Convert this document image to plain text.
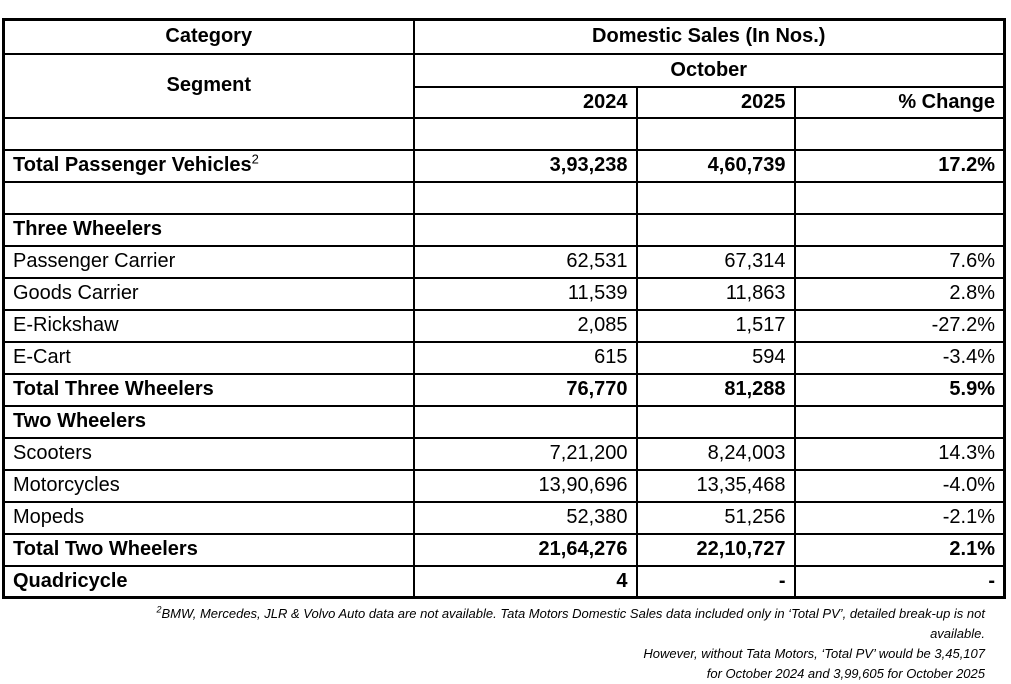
Category	Domestic Sales (In Nos.)		
Segment	October		
	2024	2025	% Change

Total Passenger Vehicles$^2$	3,93,238	4,60,739	17.2%

Three Wheelers			
Passenger Carrier	62,531	67,314	7.6%
Goods Carrier	11,539	11,863	2.8%
E-Rickshaw	2,085	1,517	-27.2%
E-Cart	615	594	-3.4%
Total Three Wheelers	76,770	81,288	5.9%
Two Wheelers			
Scooters	7,21,200	8,24,003	14.3%
Motorcycles	13,90,696	13,35,468	-4.0%
Mopeds	52,380	51,256	-2.1%
Total Two Wheelers	21,64,276	22,10,727	2.1%
Quadricycle	4	-	-
$^2$BMW, Mercedes, JLR & Volvo Auto data are not available. Tata Motors Domestic Sales data included only in ‘Total PV’, detailed break-up is not available.
However, without Tata Motors, ‘Total PV’ would be 3,45,107
for October 2024 and 3,99,605 for October 2025
